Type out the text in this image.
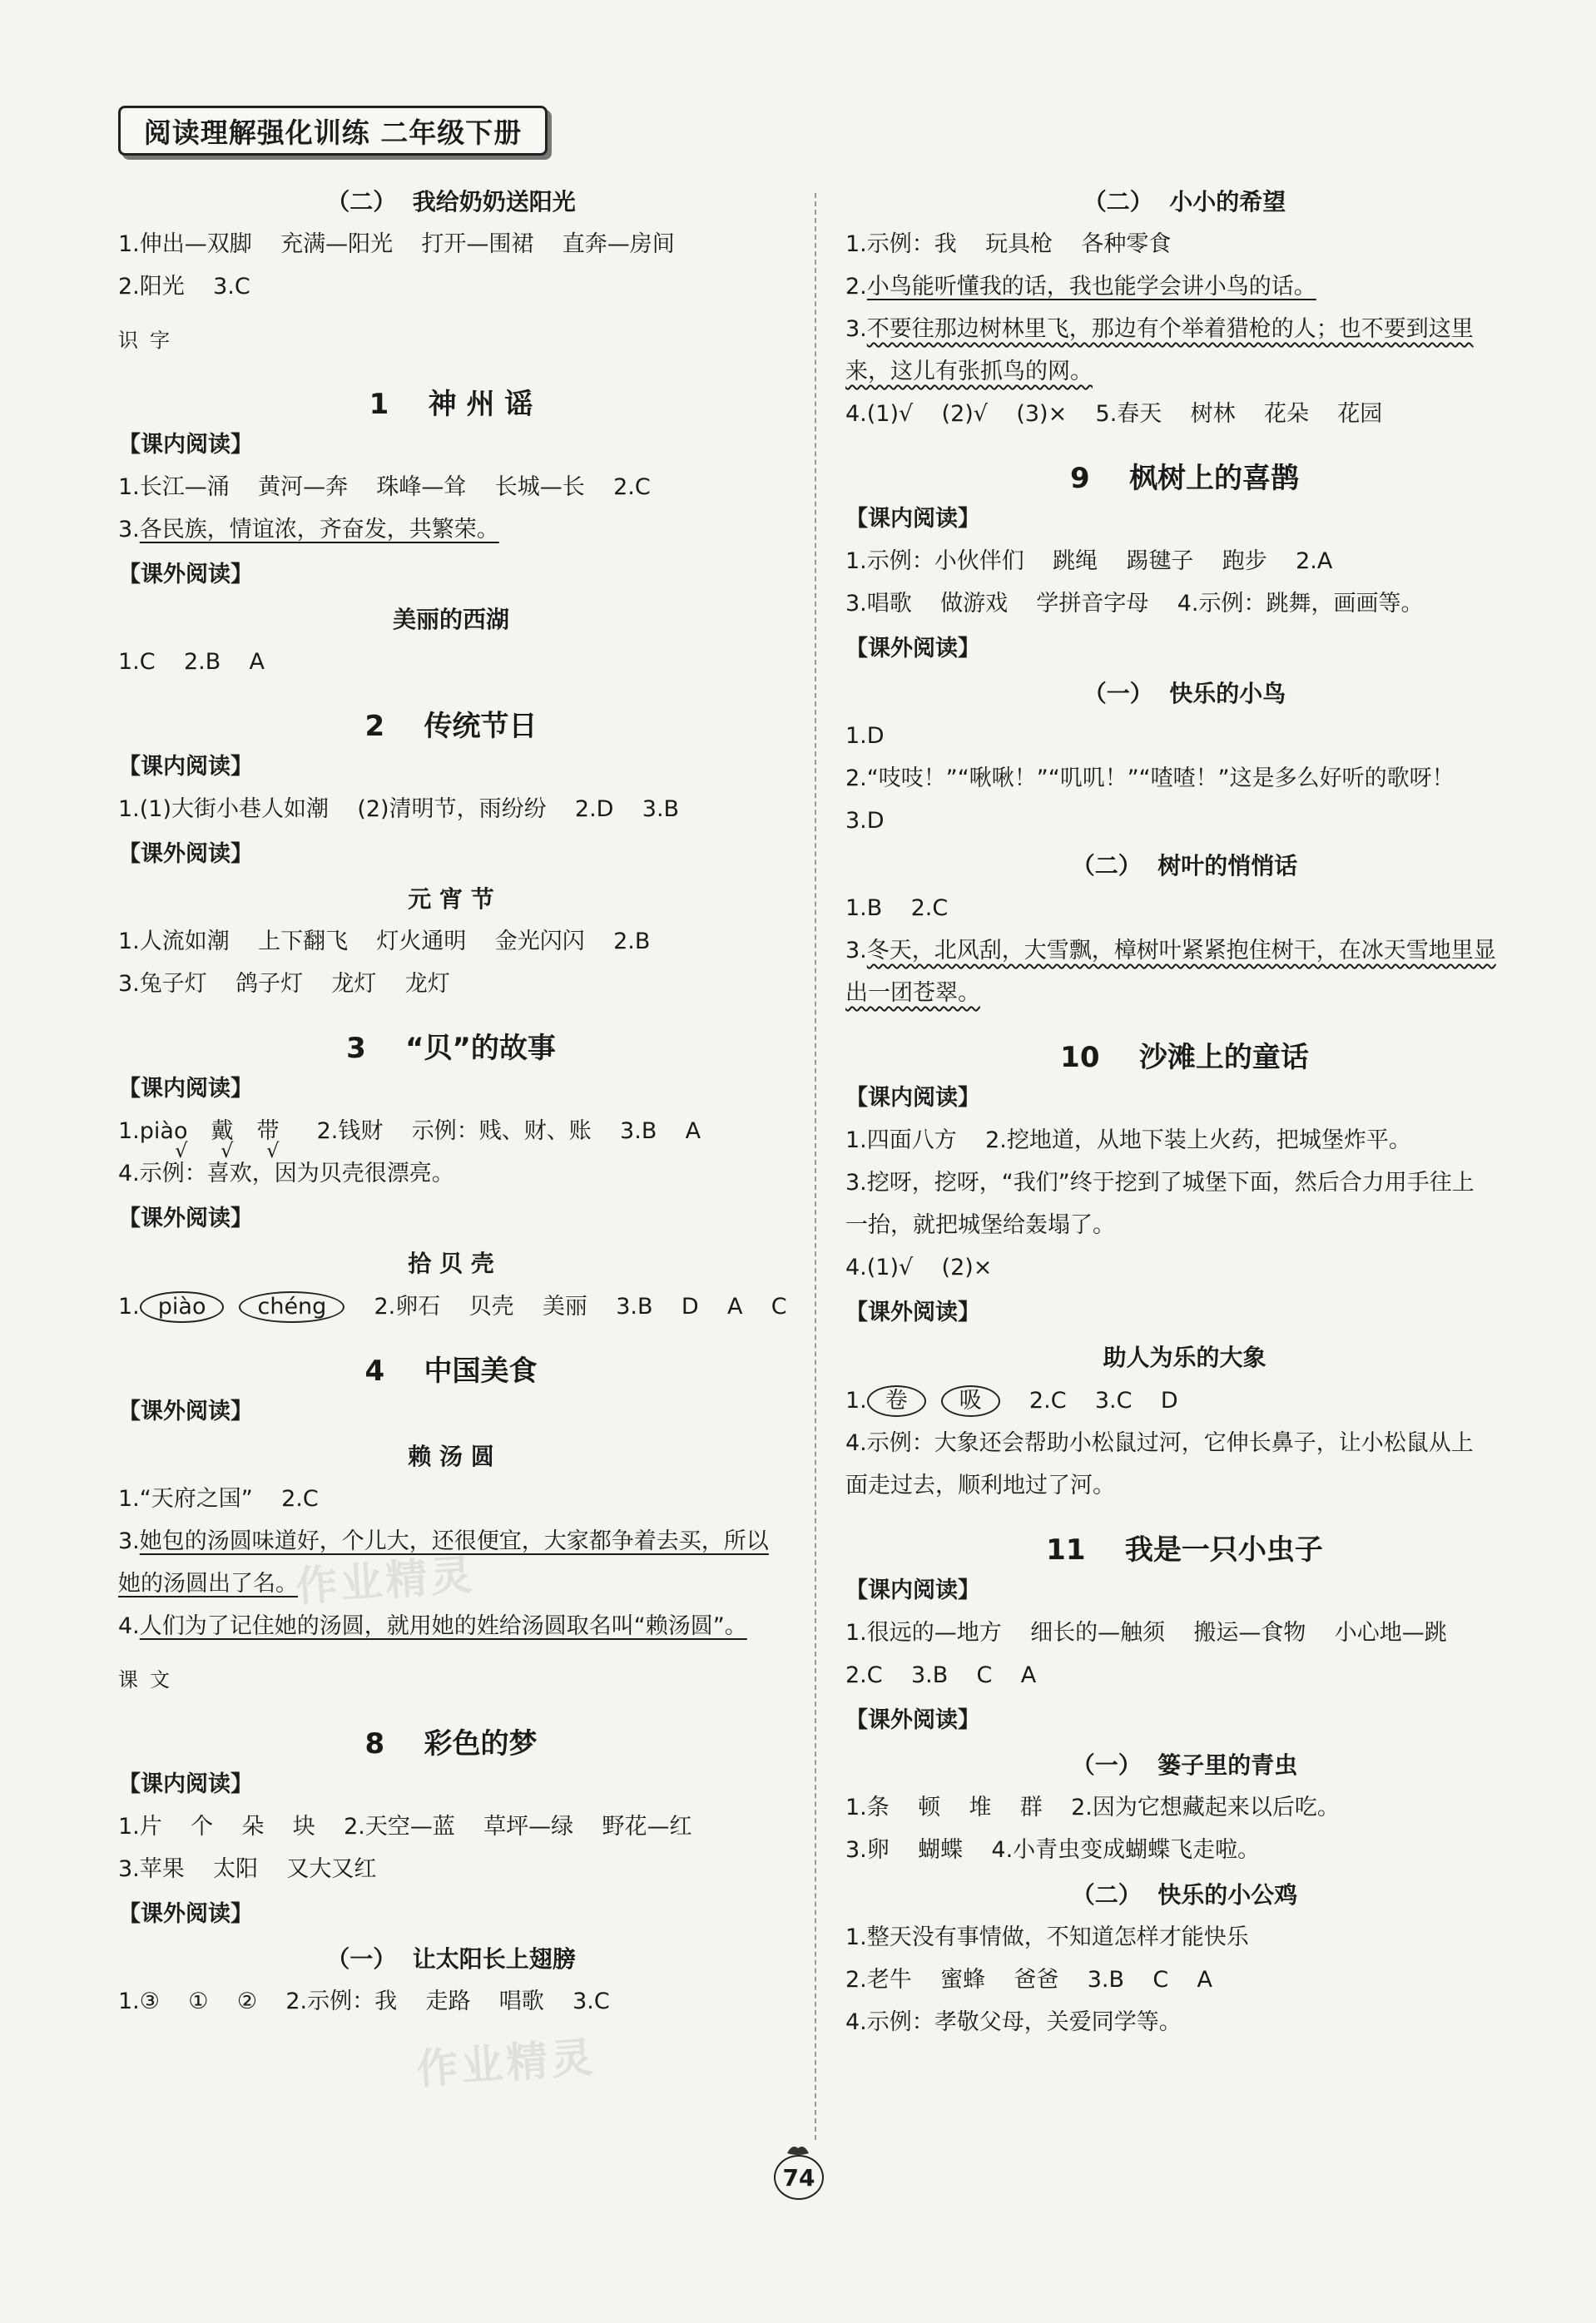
阅读理解强化训练 二年级下册
（二）  我给奶奶送阳光
1.伸出—双脚    充满—阳光    打开—围裙    直奔—房间
2.阳光    3.C
识字
1    神 州 谣
【课内阅读】
1.长江—涌    黄河—奔    珠峰—耸    长城—长    2.C
3.各民族，情谊浓，齐奋发，共繁荣。
【课外阅读】
美丽的西湖
1.C    2.B    A
2    传统节日
【课内阅读】
1.(1)大街小巷人如潮    (2)清明节，雨纷纷    2.D    3.B
【课外阅读】
元 宵 节
1.人流如潮    上下翻飞    灯火通明    金光闪闪    2.B
3.兔子灯    鸽子灯    龙灯    龙灯
3    “贝”的故事
【课内阅读】
1.piào
√
戴
√
带
√
2.钱财    示例：贱、财、账    3.B    A
4.示例：喜欢，因为贝壳很漂亮。
【课外阅读】
拾 贝 壳
1. piào chéng  2.卵石    贝壳    美丽    3.B    D    A    C
4    中国美食
【课外阅读】
赖 汤 圆
1.“天府之国”    2.C
3.她包的汤圆味道好，个儿大，还很便宜，大家都争着去买，所以
她的汤圆出了名。
4.人们为了记住她的汤圆，就用她的姓给汤圆取名叫“赖汤圆”。
课文
8    彩色的梦
【课内阅读】
1.片    个    朵    块    2.天空—蓝    草坪—绿    野花—红
3.苹果    太阳    又大又红
【课外阅读】
（一）  让太阳长上翅膀
1.③    ①    ②    2.示例：我    走路    唱歌    3.C
（二）  小小的希望
1.示例：我    玩具枪    各种零食
2.小鸟能听懂我的话，我也能学会讲小鸟的话。
3.不要往那边树林里飞，那边有个举着猎枪的人；也不要到这里
来，这儿有张抓鸟的网。
4.(1)√    (2)√    (3)×    5.春天    树林    花朵    花园
9    枫树上的喜鹊
【课内阅读】
1.示例：小伙伴们    跳绳    踢毽子    跑步    2.A
3.唱歌    做游戏    学拼音字母    4.示例：跳舞，画画等。
【课外阅读】
（一）  快乐的小鸟
1.D
2.“吱吱！”“啾啾！”“叽叽！”“喳喳！”这是多么好听的歌呀！
3.D
（二）  树叶的悄悄话
1.B    2.C
3.冬天，北风刮，大雪飘，樟树叶紧紧抱住树干，在冰天雪地里显
出一团苍翠。
10    沙滩上的童话
【课内阅读】
1.四面八方    2.挖地道，从地下装上火药，把城堡炸平。
3.挖呀，挖呀，“我们”终于挖到了城堡下面，然后合力用手往上
一抬，就把城堡给轰塌了。
4.(1)√    (2)×
【课外阅读】
助人为乐的大象
1. 卷 吸  2.C    3.C    D
4.示例：大象还会帮助小松鼠过河，它伸长鼻子，让小松鼠从上
面走过去，顺利地过了河。
11    我是一只小虫子
【课内阅读】
1.很远的—地方    细长的—触须    搬运—食物    小心地—跳
2.C    3.B    C    A
【课外阅读】
（一）  篓子里的青虫
1.条    顿    堆    群    2.因为它想藏起来以后吃。
3.卵    蝴蝶    4.小青虫变成蝴蝶飞走啦。
（二）  快乐的小公鸡
1.整天没有事情做，不知道怎样才能快乐
2.老牛    蜜蜂    爸爸    3.B    C    A
4.示例：孝敬父母，关爱同学等。
作业精灵
作业精灵
74
